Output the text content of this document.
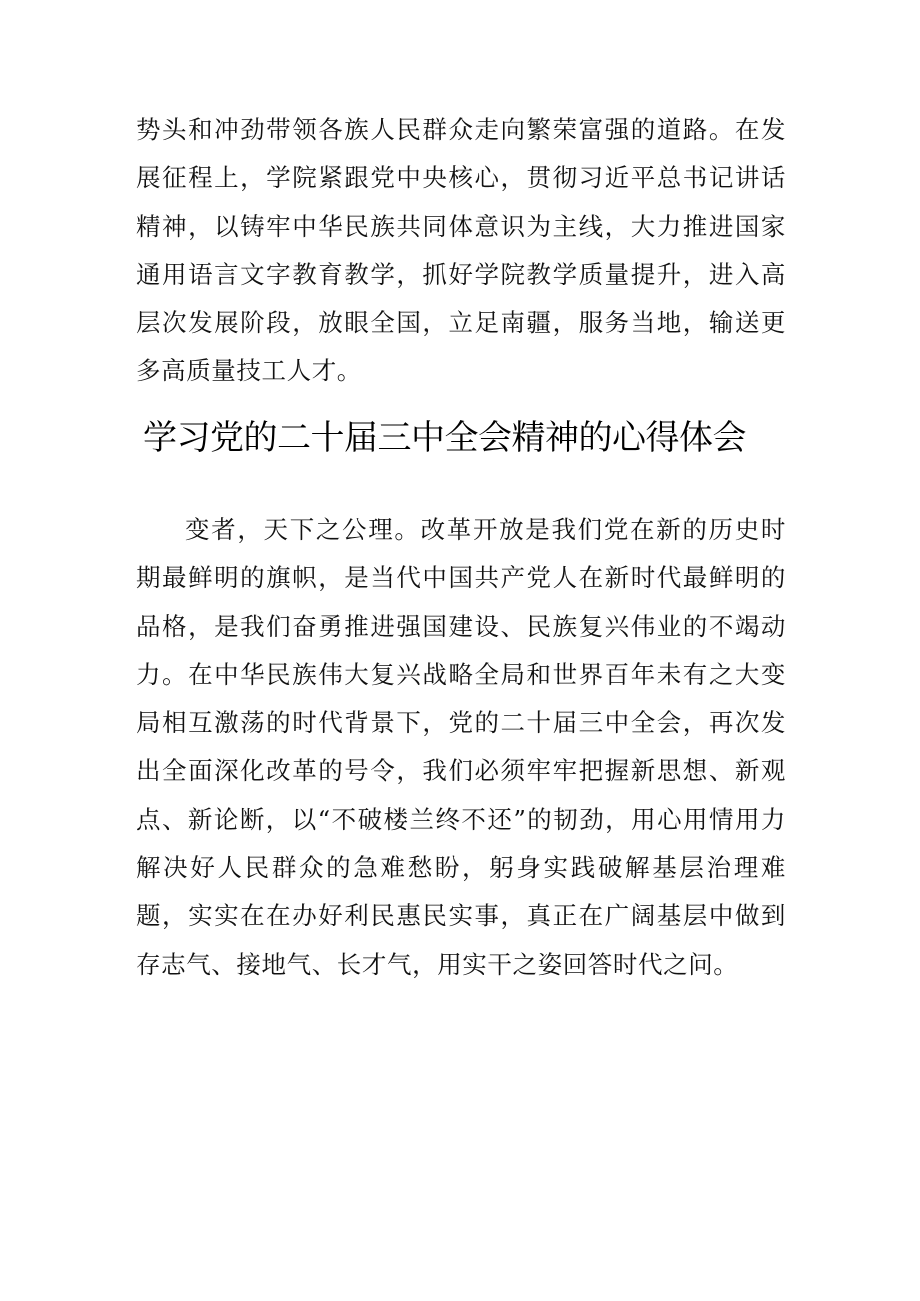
势头和冲劲带领各族人民群众走向繁荣富强的道路。在发展征程上，学院紧跟党中央核心，贯彻习近平总书记讲话精神，以铸牢中华民族共同体意识为主线，大力推进国家通用语言文字教育教学，抓好学院教学质量提升，进入高层次发展阶段，放眼全国，立足南疆，服务当地，输送更多高质量技工人才。

学习党的二十届三中全会精神的心得体会

变者，天下之公理。改革开放是我们党在新的历史时期最鲜明的旗帜，是当代中国共产党人在新时代最鲜明的品格，是我们奋勇推进强国建设、民族复兴伟业的不竭动力。在中华民族伟大复兴战略全局和世界百年未有之大变局相互激荡的时代背景下，党的二十届三中全会，再次发出全面深化改革的号令，我们必须牢牢把握新思想、新观点、新论断，以“不破楼兰终不还”的韧劲，用心用情用力解决好人民群众的急难愁盼，躬身实践破解基层治理难题，实实在在办好利民惠民实事，真正在广阔基层中做到存志气、接地气、长才气，用实干之姿回答时代之问。
